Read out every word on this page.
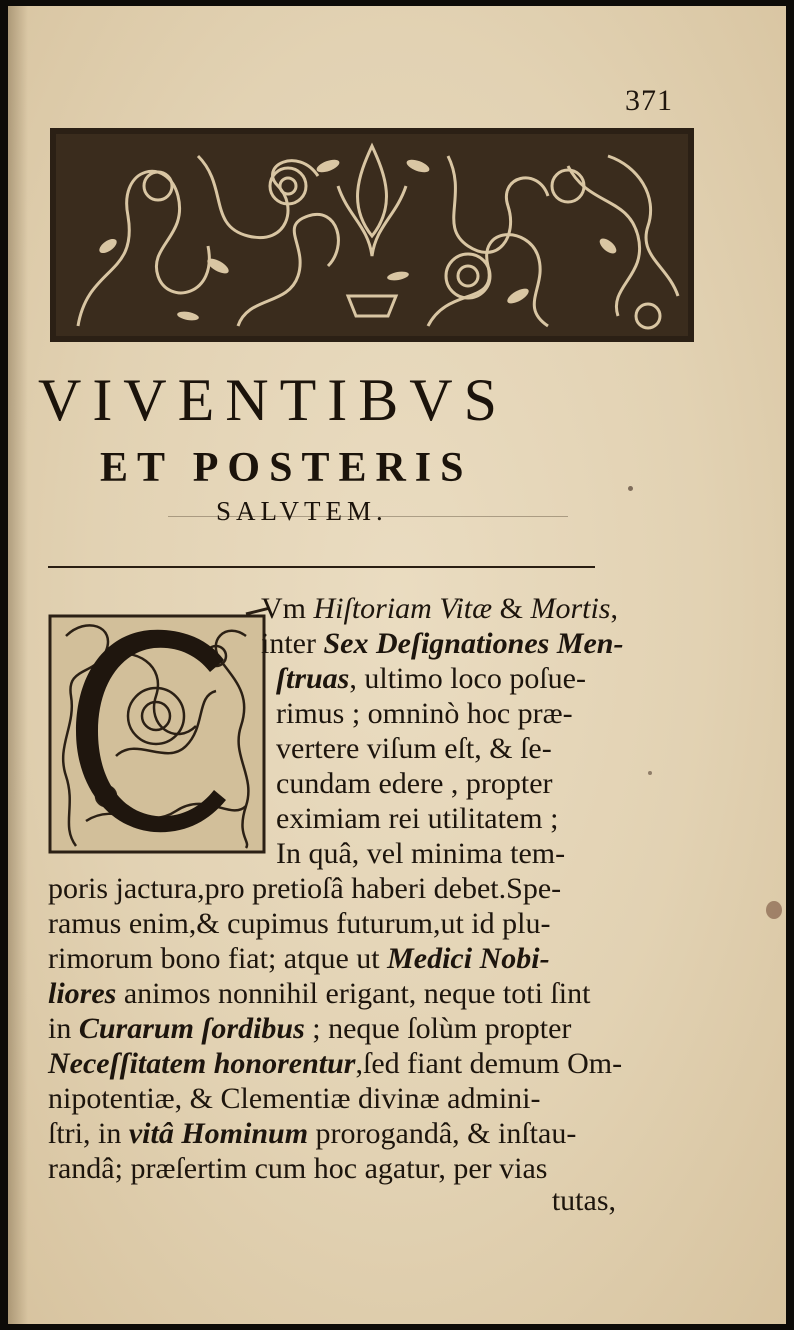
371
VIVENTIBVS
ET POSTERIS
SALVTEM.

Vm Hiſtoriam Vitæ & Mortis,

inter Sex Deſignationes Men-

ſtruas, ultimo loco poſue-

rimus ; omninò hoc præ-

vertere viſum eſt, & ſe-

cundam edere , propter

eximiam rei utilitatem ;

In quâ, vel minima tem-

poris jactura,pro pretioſâ haberi debet.Spe-

ramus enim,& cupimus futurum,ut id plu-

rimorum bono fiat; atque ut Medici Nobi-

liores animos nonnihil erigant, neque toti ſint

in Curarum ſordibus ; neque ſolùm propter

Neceſſitatem honorentur,ſed fiant demum Om-

nipotentiæ, & Clementiæ divinæ admini-

ſtri, in vitâ Hominum prorogandâ, & inſtau-

randâ; præſertim cum hoc agatur, per vias

tutas,
